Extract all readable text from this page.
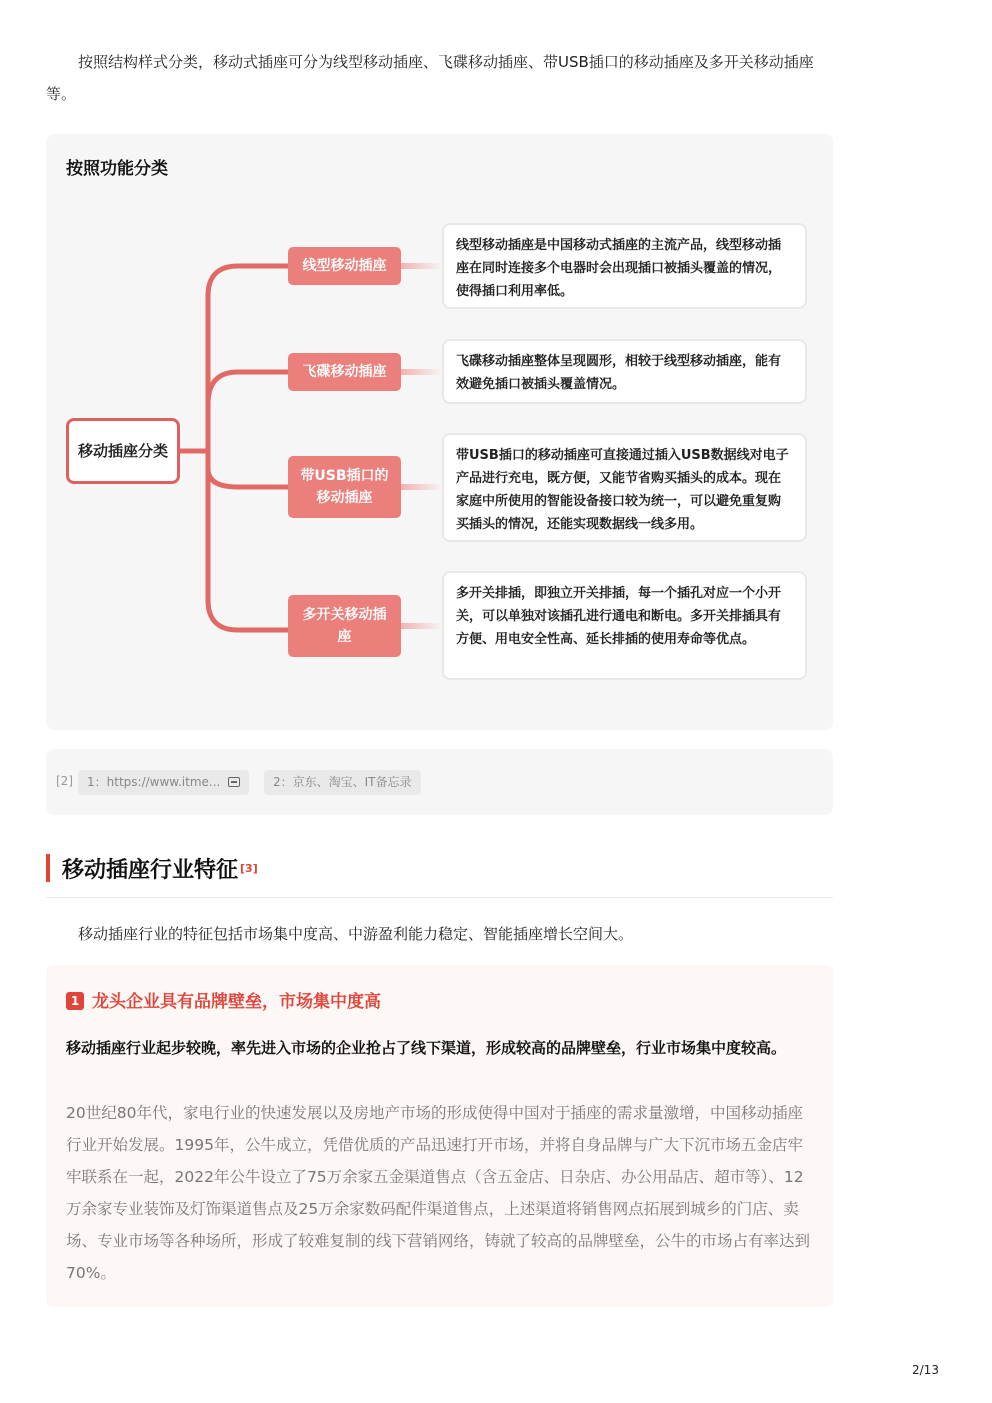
按照结构样式分类，移动式插座可分为线型移动插座、飞碟移动插座、带USB插口的移动插座及多开关移动插座等。

按照功能分类
移动插座分类
线型移动插座
线型移动插座是中国移动式插座的主流产品，线型移动插座在同时连接多个电器时会出现插口被插头覆盖的情况，使得插口利用率低。
飞碟移动插座
飞碟移动插座整体呈现圆形，相较于线型移动插座，能有效避免插口被插头覆盖情况。
带USB插口的移动插座
带USB插口的移动插座可直接通过插入USB数据线对电子产品进行充电，既方便，又能节省购买插头的成本。现在家庭中所使用的智能设备接口较为统一，可以避免重复购买插头的情况，还能实现数据线一线多用。
多开关移动插座
多开关排插，即独立开关排插，每一个插孔对应一个小开关，可以单独对该插孔进行通电和断电。多开关排插具有方便、用电安全性高、延长排插的使用寿命等优点。
[2]	1：https://www.itme...	2：京东、淘宝、IT备忘录
移动插座行业特征 [3]

移动插座行业的特征包括市场集中度高、中游盈利能力稳定、智能插座增长空间大。

1 龙头企业具有品牌壁垒，市场集中度高
移动插座行业起步较晚，率先进入市场的企业抢占了线下渠道，形成较高的品牌壁垒，行业市场集中度较高。
20世纪80年代，家电行业的快速发展以及房地产市场的形成使得中国对于插座的需求量激增，中国移动插座行业开始发展。1995年，公牛成立，凭借优质的产品迅速打开市场，并将自身品牌与广大下沉市场五金店牢牢联系在一起，2022年公牛设立了75万余家五金渠道售点（含五金店、日杂店、办公用品店、超市等）、12万余家专业装饰及灯饰渠道售点及25万余家数码配件渠道售点，上述渠道将销售网点拓展到城乡的门店、卖场、专业市场等各种场所，形成了较难复制的线下营销网络，铸就了较高的品牌壁垒，公牛的市场占有率达到70%。
2/13
